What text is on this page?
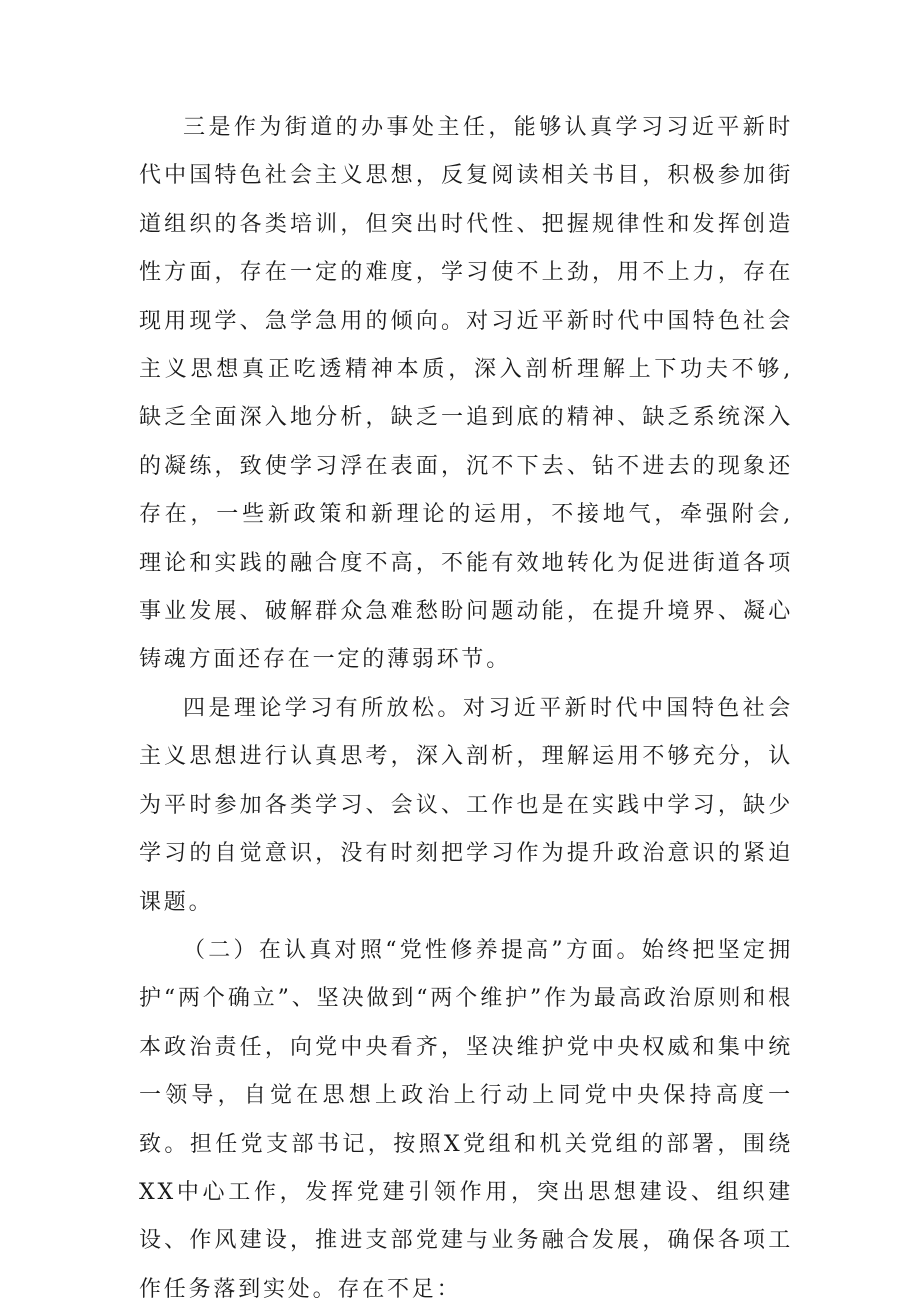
三是作为街道的办事处主任，能够认真学习习近平新时代中国特色社会主义思想，反复阅读相关书目，积极参加街道组织的各类培训，但突出时代性、把握规律性和发挥创造性方面，存在一定的难度，学习使不上劲，用不上力，存在现用现学、急学急用的倾向。对习近平新时代中国特色社会主义思想真正吃透精神本质，深入剖析理解上下功夫不够,缺乏全面深入地分析，缺乏一追到底的精神、缺乏系统深入的凝练，致使学习浮在表面，沉不下去、钻不进去的现象还存在，一些新政策和新理论的运用，不接地气，牵强附会,理论和实践的融合度不高，不能有效地转化为促进街道各项事业发展、破解群众急难愁盼问题动能，在提升境界、凝心铸魂方面还存在一定的薄弱环节。

四是理论学习有所放松。对习近平新时代中国特色社会主义思想进行认真思考，深入剖析，理解运用不够充分，认为平时参加各类学习、会议、工作也是在实践中学习，缺少学习的自觉意识，没有时刻把学习作为提升政治意识的紧迫课题。

（二）在认真对照“党性修养提高”方面。始终把坚定拥护“两个确立”、坚决做到“两个维护”作为最高政治原则和根本政治责任，向党中央看齐，坚决维护党中央权威和集中统一领导，自觉在思想上政治上行动上同党中央保持高度一致。担任党支部书记，按照X党组和机关党组的部署，围绕XX中心工作，发挥党建引领作用，突出思想建设、组织建设、作风建设，推进支部党建与业务融合发展，确保各项工作任务落到实处。存在不足：
